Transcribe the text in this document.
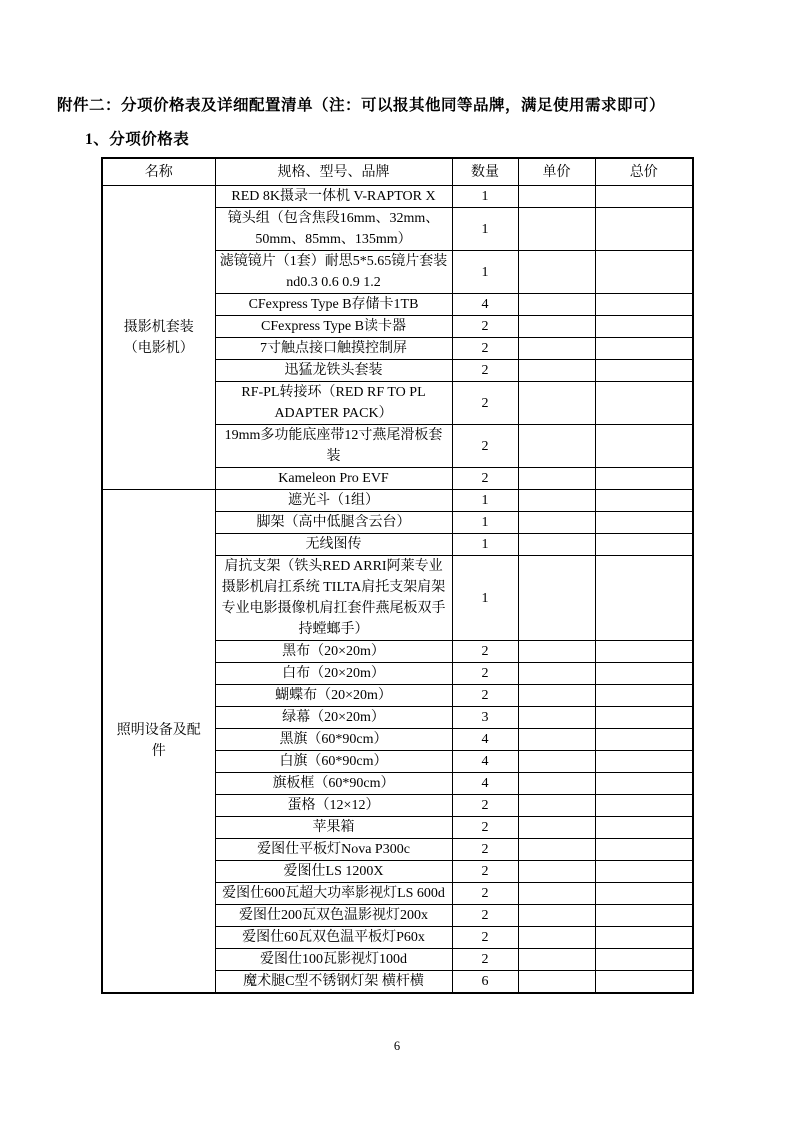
附件二：分项价格表及详细配置清单（注：可以报其他同等品牌，满足使用需求即可）
1、分项价格表
名称	规格、型号、品牌	数量	单价	总价
摄影机套装（电影机）	RED 8K摄录一体机 V-RAPTOR X	1		
	镜头组（包含焦段16mm、32mm、50mm、85mm、135mm）	1		
	滤镜镜片（1套）耐思5*5.65镜片套装 nd0.3 0.6 0.9 1.2	1		
	CFexpress Type B存储卡1TB	4		
	CFexpress Type B读卡器	2		
	7寸触点接口触摸控制屏	2		
	迅猛龙铁头套装	2		
	RF-PL转接环（RED RF TO PL ADAPTER PACK）	2		
	19mm多功能底座带12寸燕尾滑板套装	2		
	Kameleon Pro EVF	2		
照明设备及配件	遮光斗（1组）	1		
	脚架（高中低腿含云台）	1		
	无线图传	1		
	肩抗支架（铁头RED ARRI阿莱专业摄影机肩扛系统 TILTA肩托支架肩架 专业电影摄像机肩扛套件燕尾板双手持螳螂手）	1		
	黑布（20×20m）	2		
	白布（20×20m）	2		
	蝴蝶布（20×20m）	2		
	绿幕（20×20m）	3		
	黑旗（60*90cm）	4		
	白旗（60*90cm）	4		
	旗板框（60*90cm）	4		
	蛋格（12×12）	2		
	苹果箱	2		
	爱图仕平板灯Nova P300c	2		
	爱图仕LS 1200X	2		
	爱图仕600瓦超大功率影视灯LS 600d	2		
	爱图仕200瓦双色温影视灯200x	2		
	爱图仕60瓦双色温平板灯P60x	2		
	爱图仕100瓦影视灯100d	2		
	魔术腿C型不锈钢灯架 横杆横	6		
6
